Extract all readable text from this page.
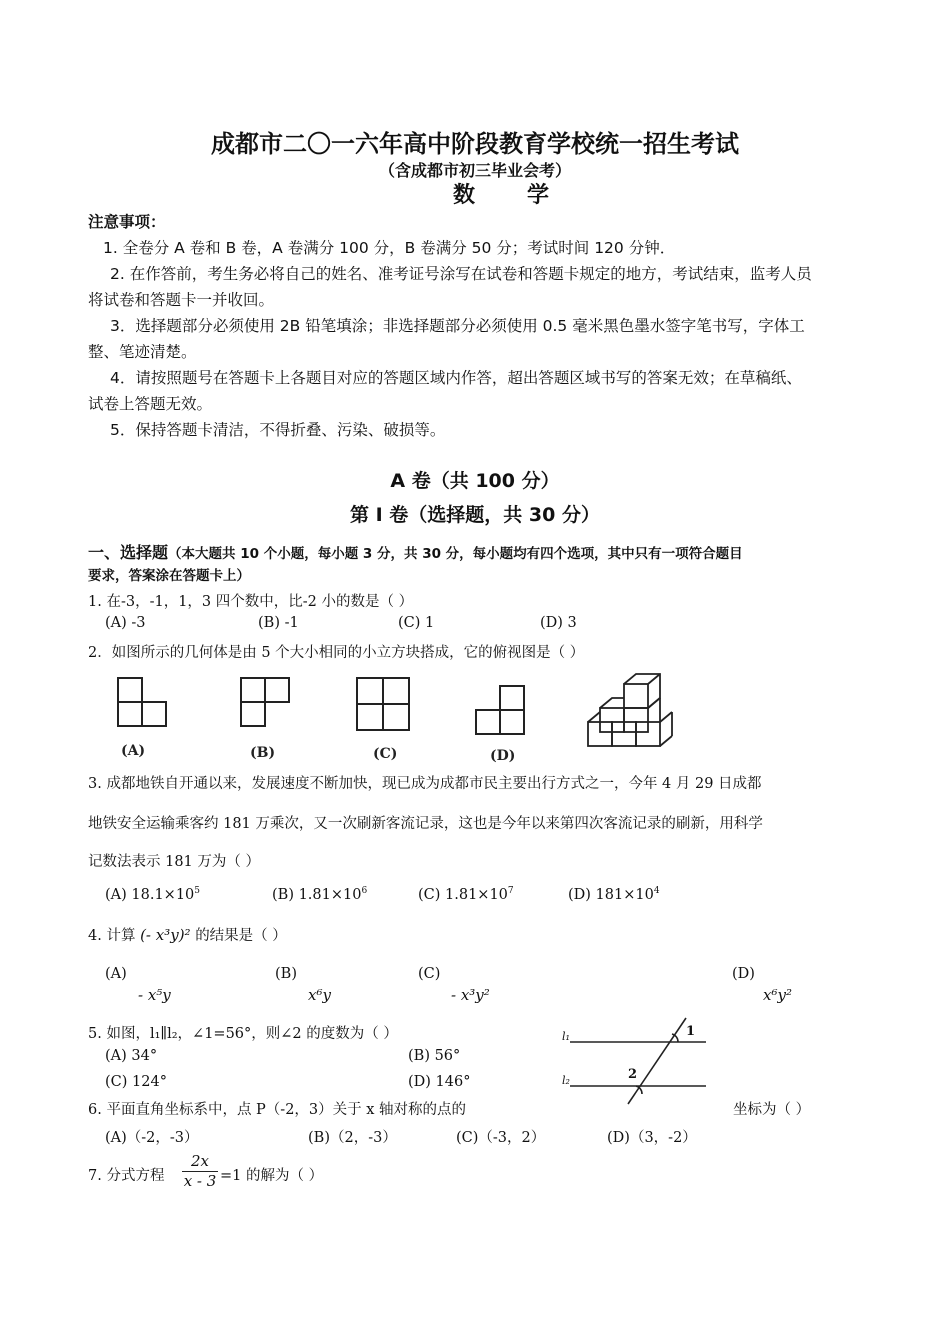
成都市二〇一六年高中阶段教育学校统一招生考试
（含成都市初三毕业会考）
数学
注意事项：
1. 全卷分 A 卷和 B 卷，A 卷满分 100 分，B 卷满分 50 分；考试时间 120 分钟．
2. 在作答前，考生务必将自己的姓名、准考证号涂写在试卷和答题卡规定的地方，考试结束，监考人员
将试卷和答题卡一并收回。
3．选择题部分必须使用 2B 铅笔填涂；非选择题部分必须使用 0.5 毫米黑色墨水签字笔书写，字体工
整、笔迹清楚。
4．请按照题号在答题卡上各题目对应的答题区域内作答，超出答题区域书写的答案无效；在草稿纸、
试卷上答题无效。
5．保持答题卡清洁，不得折叠、污染、破损等。
A 卷（共 100 分）
第 Ⅰ 卷（选择题，共 30 分）
一、选择题（本大题共 10 个小题，每小题 3 分，共 30 分，每小题均有四个选项，其中只有一项符合题目
要求，答案涂在答题卡上）
1. 在-3，-1，1，3 四个数中，比-2 小的数是（ ）
(A) -3	(B) -1	(C) 1	(D) 3
2．如图所示的几何体是由 5 个大小相同的小立方块搭成，它的俯视图是（ ）
(A)	(B)	(C)	(D)
3. 成都地铁自开通以来，发展速度不断加快，现已成为成都市民主要出行方式之一，今年 4 月 29 日成都
地铁安全运输乘客约 181 万乘次，又一次刷新客流记录，这也是今年以来第四次客流记录的刷新，用科学
记数法表示 181 万为（ ）
(A) $18.1\times 10^5$	(B) $1.81\times 10^6$	(C) $1.81\times 10^7$	(D) $181\times 10^4$
4. 计算 (- x³y)² 的结果是（ ）
(A)
- x⁵y
(B)
x⁶y
(C)
- x³y²
(D)
x⁶y²
5. 如图，l₁∥l₂，∠1=56°，则∠2 的度数为（ ）
(A) 34°	(B) 56°
(C) 124°	(D) 146°
l₁
l₂
1
2
6. 平面直角坐标系中，点 P（-2，3）关于 x 轴对称的点的	坐标为（ ）
(A)（-2，-3）	(B)（2，-3）	(C)（-3，2）	(D)（3，-2）
7. 分式方程 $\frac{2x}{x - 3} =1$ 的解为（ ）
